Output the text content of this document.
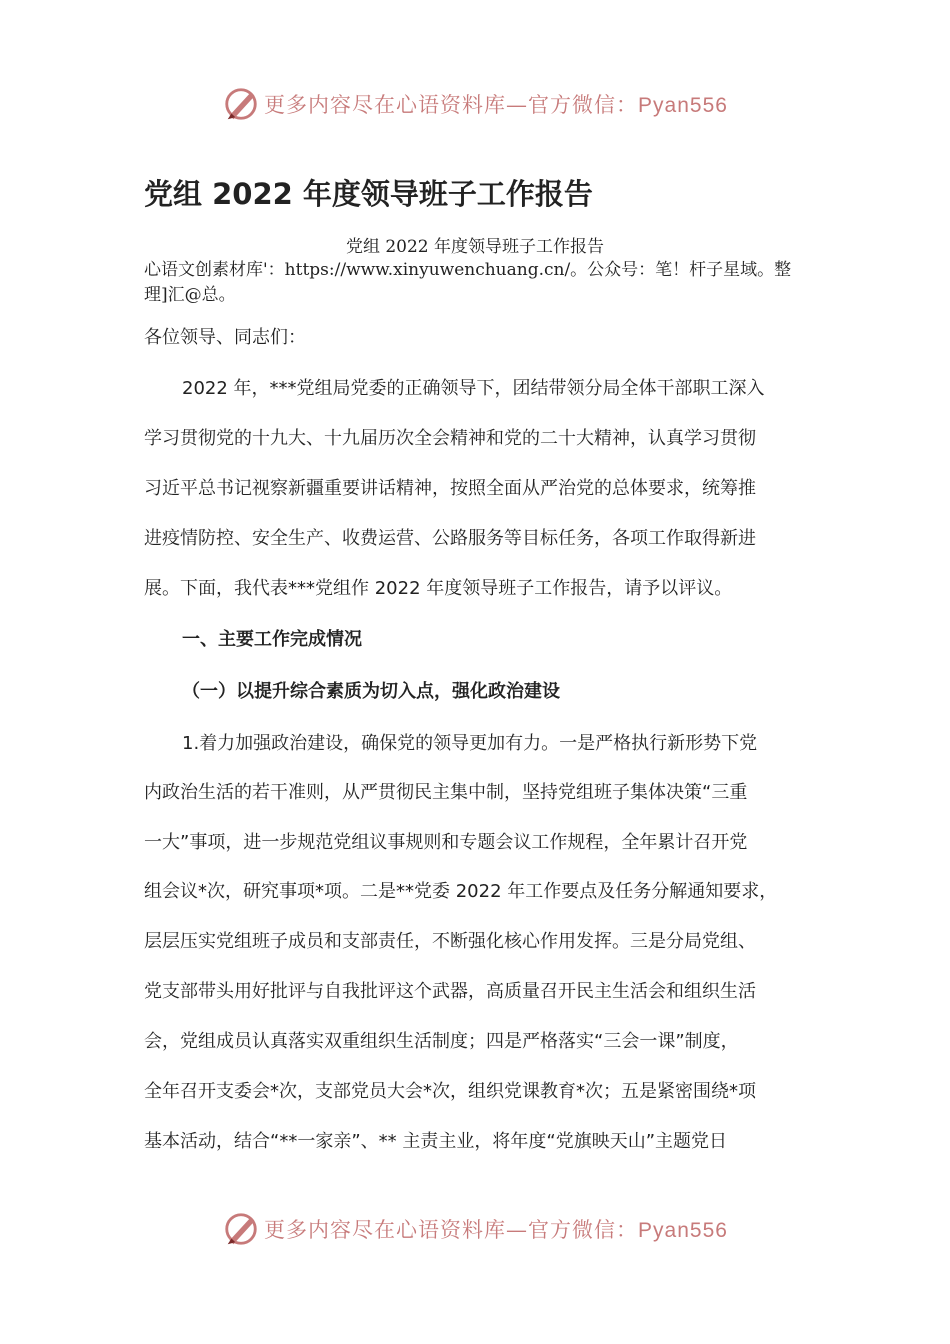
更多内容尽在心语资料库—官方微信：Pyan556
党组 2022 年度领导班子工作报告
党组 2022 年度领导班子工作报告
心语文创素材库'：https://www.xinyuwenchuang.cn/。公众号：笔！杆子星域。整理]汇@总。
各位领导、同志们：
2022 年，***党组局党委的正确领导下，团结带领分局全体干部职工深入
学习贯彻党的十九大、十九届历次全会精神和党的二十大精神，认真学习贯彻
习近平总书记视察新疆重要讲话精神，按照全面从严治党的总体要求，统筹推
进疫情防控、安全生产、收费运营、公路服务等目标任务，各项工作取得新进
展。下面，我代表***党组作 2022 年度领导班子工作报告，请予以评议。
一、主要工作完成情况
（一）以提升综合素质为切入点，强化政治建设
1.着力加强政治建设，确保党的领导更加有力。一是严格执行新形势下党
内政治生活的若干准则，从严贯彻民主集中制，坚持党组班子集体决策“三重
一大”事项，进一步规范党组议事规则和专题会议工作规程，全年累计召开党
组会议*次，研究事项*项。二是**党委 2022 年工作要点及任务分解通知要求，
层层压实党组班子成员和支部责任，不断强化核心作用发挥。三是分局党组、
党支部带头用好批评与自我批评这个武器，高质量召开民主生活会和组织生活
会，党组成员认真落实双重组织生活制度；四是严格落实“三会一课”制度，
全年召开支委会*次，支部党员大会*次，组织党课教育*次；五是紧密围绕*项
基本活动，结合“**一家亲”、** 主责主业，将年度“党旗映天山”主题党日
更多内容尽在心语资料库—官方微信：Pyan556
